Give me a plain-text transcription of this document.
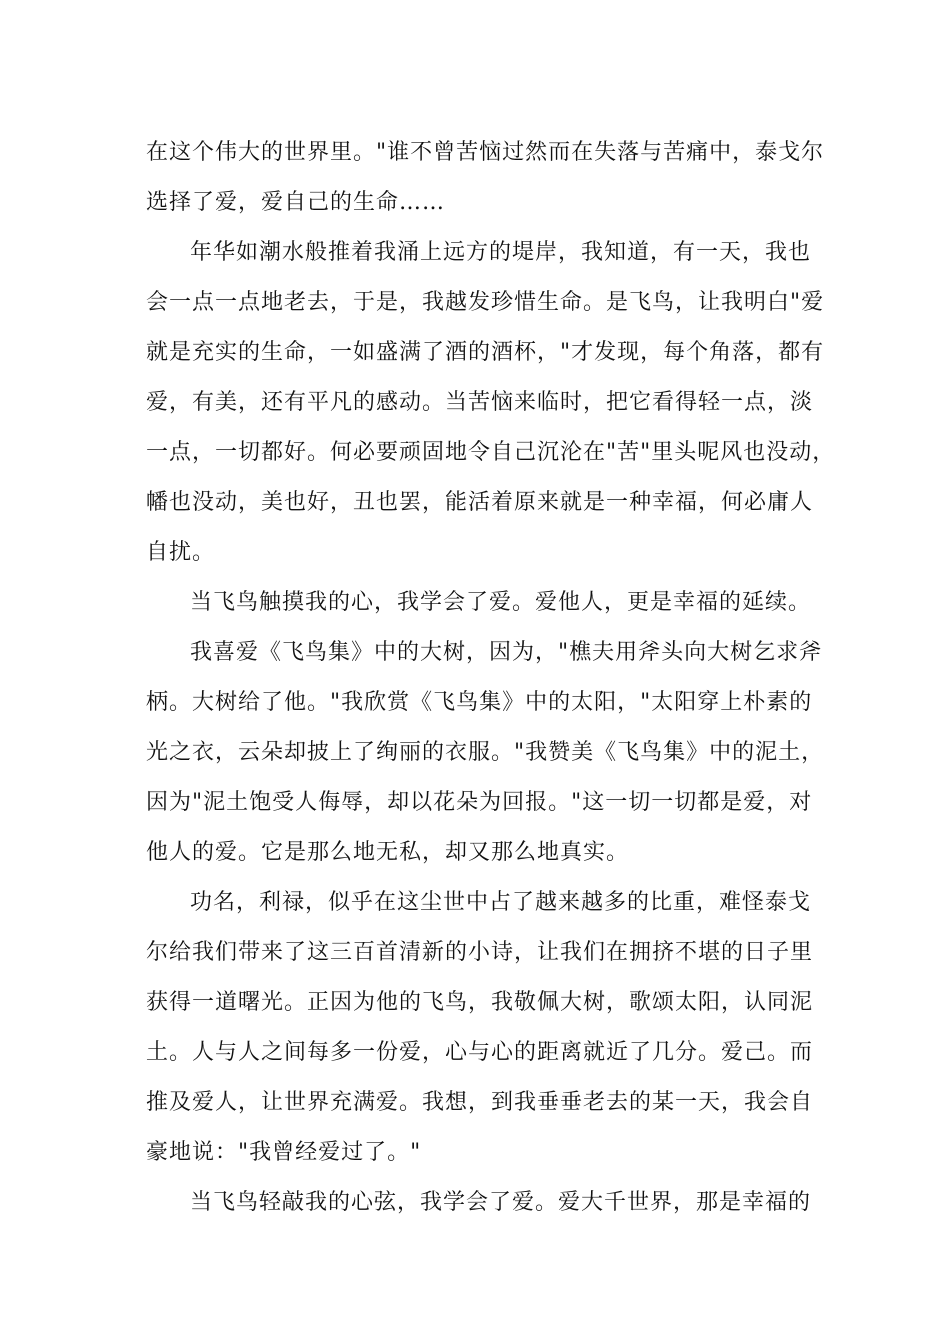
在这个伟大的世界里。"谁不曾苦恼过然而在失落与苦痛中，泰戈尔
选择了爱，爱自己的生命……
年华如潮水般推着我涌上远方的堤岸，我知道，有一天，我也
会一点一点地老去，于是，我越发珍惜生命。是飞鸟，让我明白"爱
就是充实的生命，一如盛满了酒的酒杯，"才发现，每个角落，都有
爱，有美，还有平凡的感动。当苦恼来临时，把它看得轻一点，淡
一点，一切都好。何必要顽固地令自己沉沦在"苦"里头呢风也没动，
幡也没动，美也好，丑也罢，能活着原来就是一种幸福，何必庸人
自扰。
当飞鸟触摸我的心，我学会了爱。爱他人，更是幸福的延续。
我喜爱《飞鸟集》中的大树，因为，"樵夫用斧头向大树乞求斧
柄。大树给了他。"我欣赏《飞鸟集》中的太阳，"太阳穿上朴素的
光之衣，云朵却披上了绚丽的衣服。"我赞美《飞鸟集》中的泥土，
因为"泥土饱受人侮辱，却以花朵为回报。"这一切一切都是爱，对
他人的爱。它是那么地无私，却又那么地真实。
功名，利禄，似乎在这尘世中占了越来越多的比重，难怪泰戈
尔给我们带来了这三百首清新的小诗，让我们在拥挤不堪的日子里
获得一道曙光。正因为他的飞鸟，我敬佩大树，歌颂太阳，认同泥
土。人与人之间每多一份爱，心与心的距离就近了几分。爱己。而
推及爱人，让世界充满爱。我想，到我垂垂老去的某一天，我会自
豪地说："我曾经爱过了。"
当飞鸟轻敲我的心弦，我学会了爱。爱大千世界，那是幸福的
